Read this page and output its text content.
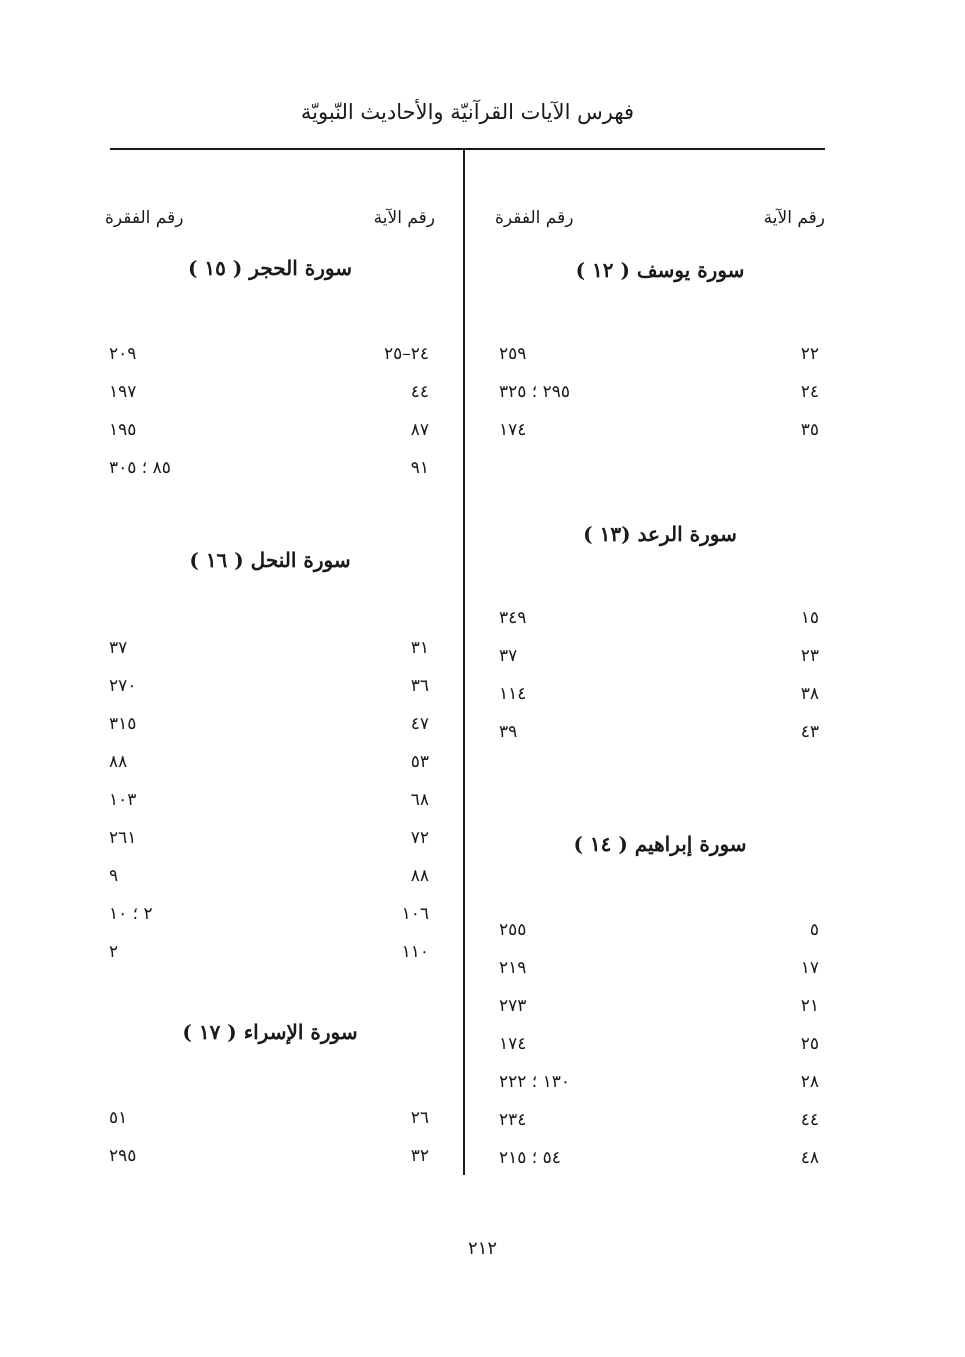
فهرس الآيات القرآنيّة والأحاديث النّبويّة
رقم الآية
رقم الفقرة
سورة يوسف ( ١٢ )
٢٢
٢٥٩
٢٤
٢٩٥ ؛ ٣٢٥
٣٥
١٧٤
سورة الرعد (١٣ )
١٥
٣٤٩
٢٣
٣٧
٣٨
١١٤
٤٣
٣٩
سورة إبراهيم ( ١٤ )
٥
٢٥٥
١٧
٢١٩
٢١
٢٧٣
٢٥
١٧٤
٢٨
١٣٠ ؛ ٢٢٢
٤٤
٢٣٤
٤٨
٥٤ ؛ ٢١٥
رقم الآية
رقم الفقرة
سورة الحجر ( ١٥ )
٢٤–٢٥
٢٠٩
٤٤
١٩٧
٨٧
١٩٥
٩١
٨٥ ؛ ٣٠٥
سورة النحل ( ١٦ )
٣١
٣٧
٣٦
٢٧٠
٤٧
٣١٥
٥٣
٨٨
٦٨
١٠٣
٧٢
٢٦١
٨٨
٩
١٠٦
٢ ؛ ١٠
١١٠
٢
سورة الإسراء ( ١٧ )
٢٦
٥١
٣٢
٢٩٥
٢١٢
